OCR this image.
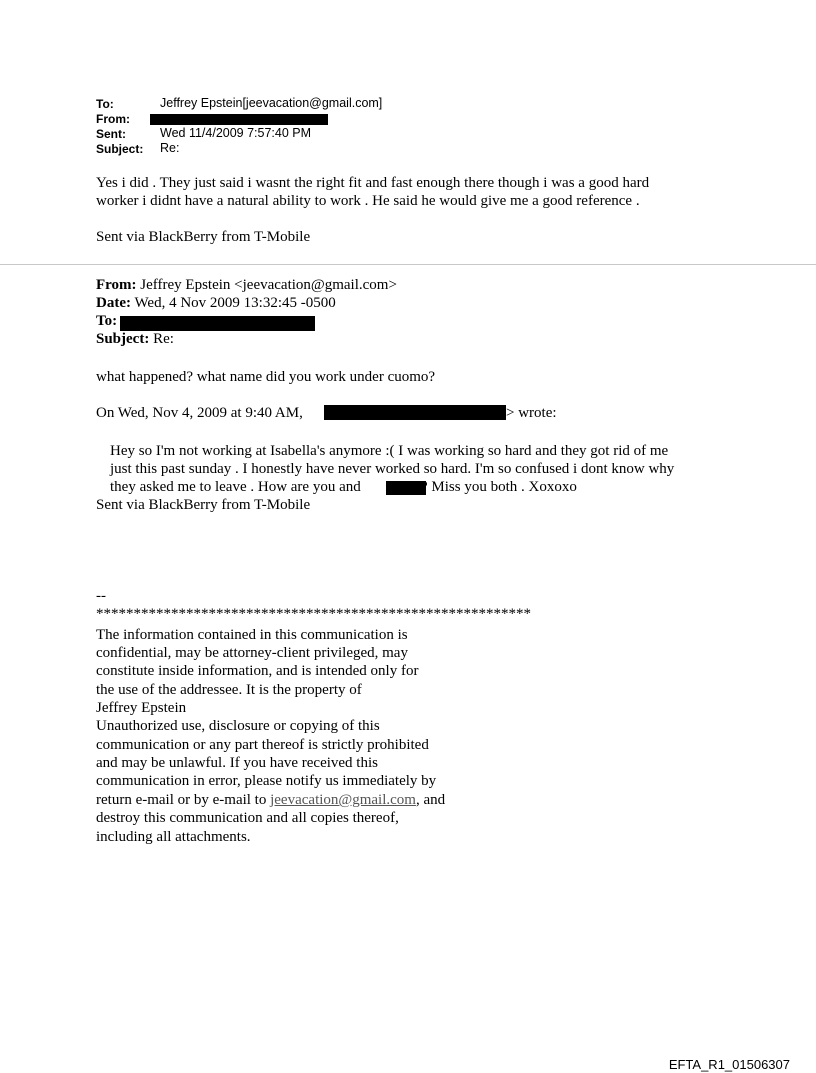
To:	Jeffrey Epstein[jeevacation@gmail.com]
From:
Sent:	Wed 11/4/2009 7:57:40 PM
Subject: Re:
Yes i did . They just said i wasnt the right fit and fast enough there though i was a good hard
worker i didnt have a natural ability to work . He said he would give me a good reference .
Sent via BlackBerry from T-Mobile
From: Jeffrey Epstein <jeevacation@gmail.com>
Date: Wed, 4 Nov 2009 13:32:45 -0500
To:
Subject: Re:
what happened? what name did you work under cuomo?
On Wed, Nov 4, 2009 at 9:40 AM,	> wrote:
Hey so I'm not working at Isabella's anymore :( I was working so hard and they got rid of me
just this past sunday . I honestly have never worked so hard. I'm so confused i dont know why
they asked me to leave . How are you and	? Miss you both . Xoxoxo
Sent via BlackBerry from T-Mobile
--
**********************************************************
The information contained in this communication is
confidential, may be attorney-client privileged, may
constitute inside information, and is intended only for
the use of the addressee. It is the property of
Jeffrey Epstein
Unauthorized use, disclosure or copying of this
communication or any part thereof is strictly prohibited
and may be unlawful. If you have received this
communication in error, please notify us immediately by
return e-mail or by e-mail to jeevacation@gmail.com, and
destroy this communication and all copies thereof,
including all attachments.
EFTA_R1_01506307
